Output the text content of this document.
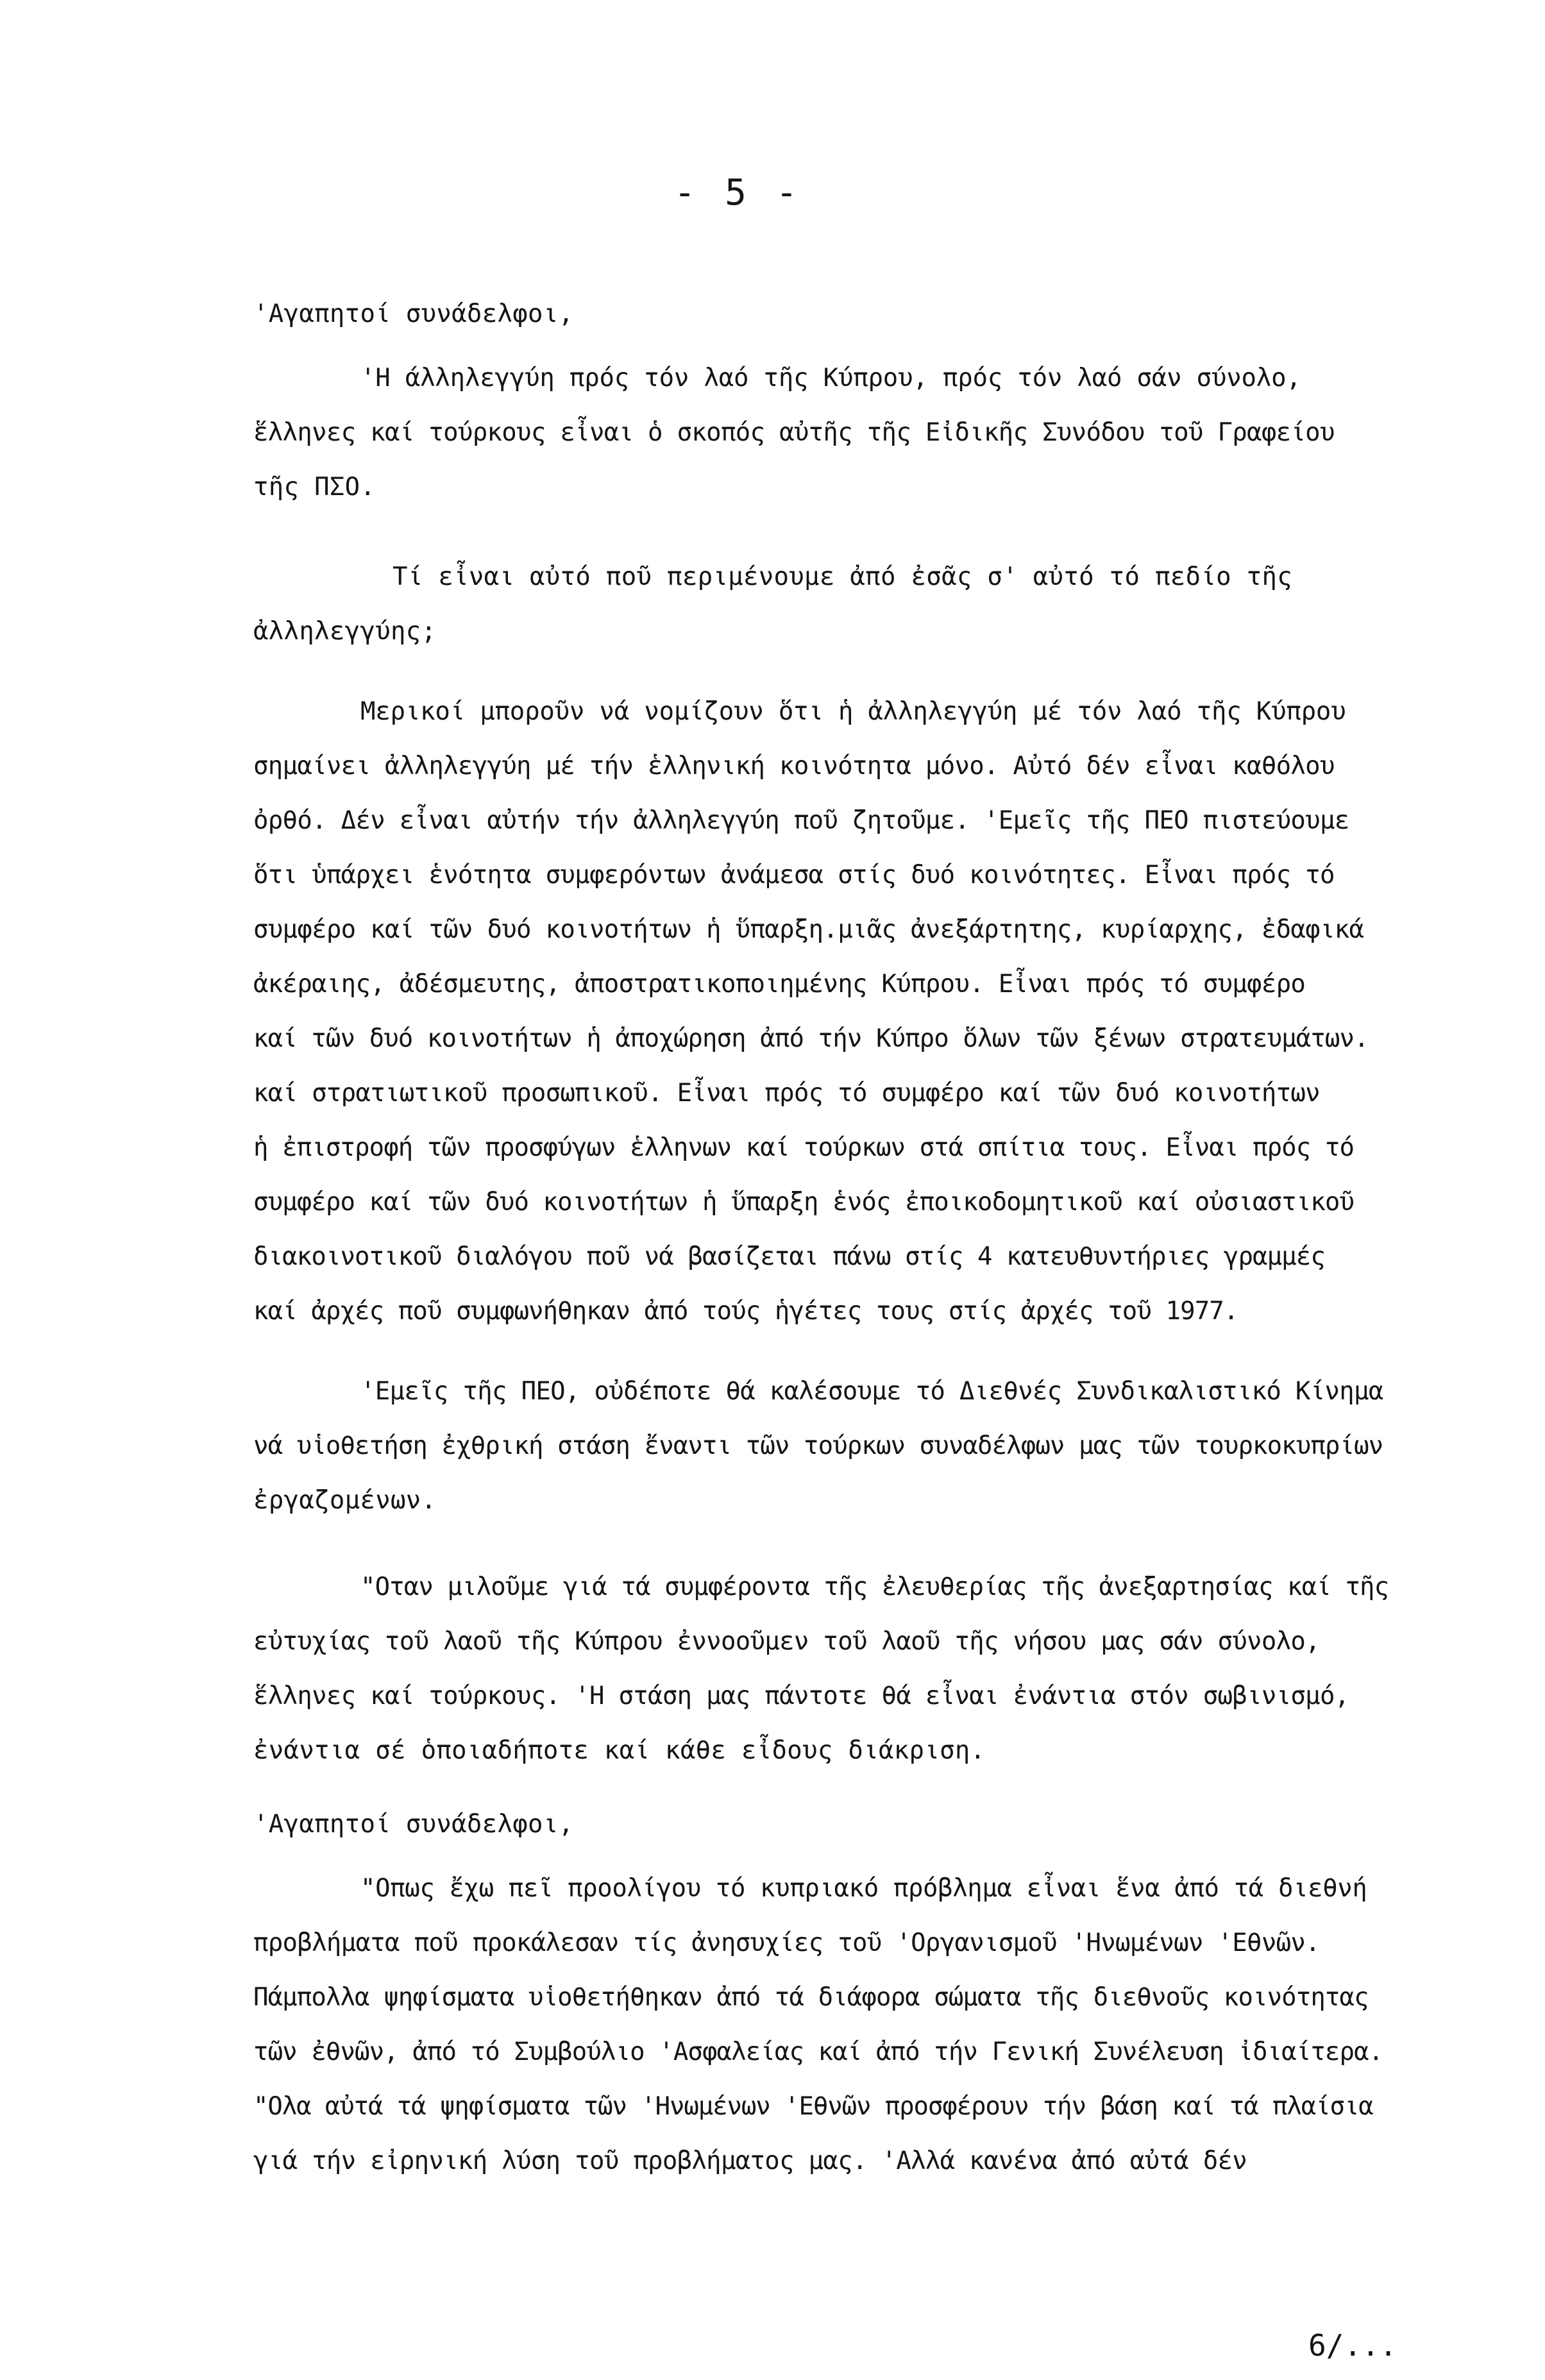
- 5 -
'Αγαπητοί συνάδελφοι,
'Η άλληλεγγύη πρός τόν λαό τῆς Κύπρου, πρός τόν λαό σάν σύνολο,
ἕλληνες καί τούρκους εἶναι ὁ σκοπός αὐτῆς τῆς Εἰδικῆς Συνόδου τοῦ Γραφείου
τῆς ΠΣΟ.
Τί εἶναι αὐτό ποῦ περιμένουμε ἀπό ἐσᾶς σ' αὐτό τό πεδίο τῆς
ἀλληλεγγύης;
Μερικοί μποροῦν νά νομίζουν ὅτι ἡ ἀλληλεγγύη μέ τόν λαό τῆς Κύπρου
σημαίνει ἀλληλεγγύη μέ τήν ἑλληνική κοινότητα μόνο. Αὐτό δέν εἶναι καθόλου
ὀρθό. Δέν εἶναι αὐτήν τήν ἀλληλεγγύη ποῦ ζητοῦμε. 'Εμεῖς τῆς ΠΕΟ πιστεύουμε
ὅτι ὑπάρχει ἑνότητα συμφερόντων ἀνάμεσα στίς δυό κοινότητες. Εἶναι πρός τό
συμφέρο καί τῶν δυό κοινοτήτων ἡ ὕπαρξη.μιᾶς ἀνεξάρτητης, κυρίαρχης, ἐδαφικά
ἀκέραιης, ἀδέσμευτης, ἀποστρατικοποιημένης Κύπρου. Εἶναι πρός τό συμφέρο
καί τῶν δυό κοινοτήτων ἡ ἀποχώρηση ἀπό τήν Κύπρο ὅλων τῶν ξένων στρατευμάτων.
καί στρατιωτικοῦ προσωπικοῦ. Εἶναι πρός τό συμφέρο καί τῶν δυό κοινοτήτων
ἡ ἐπιστροφή τῶν προσφύγων ἑλληνων καί τούρκων στά σπίτια τους. Εἶναι πρός τό
συμφέρο καί τῶν δυό κοινοτήτων ἡ ὕπαρξη ἑνός ἐποικοδομητικοῦ καί οὐσιαστικοῦ
διακοινοτικοῦ διαλόγου ποῦ νά βασίζεται πάνω στίς 4 κατευθυντήριες γραμμές
καί ἀρχές ποῦ συμφωνήθηκαν ἀπό τούς ἡγέτες τους στίς ἀρχές τοῦ 1977.
'Εμεῖς τῆς ΠΕΟ, οὐδέποτε θά καλέσουμε τό Διεθνές Συνδικαλιστικό Κίνημα
νά υἱοθετήση ἐχθρική στάση ἔναντι τῶν τούρκων συναδέλφων μας τῶν τουρκοκυπρίων
ἐργαζομένων.
"Οταν μιλοῦμε γιά τά συμφέροντα τῆς ἐλευθερίας τῆς ἀνεξαρτησίας καί τῆς
εὐτυχίας τοῦ λαοῦ τῆς Κύπρου ἐννοοῦμεν τοῦ λαοῦ τῆς νήσου μας σάν σύνολο,
ἕλληνες καί τούρκους. 'Η στάση μας πάντοτε θά εἶναι ἐνάντια στόν σωβινισμό,
ἐνάντια σέ ὁποιαδήποτε καί κάθε εἶδους διάκριση.
'Αγαπητοί συνάδελφοι,
"Οπως ἔχω πεῖ προολίγου τό κυπριακό πρόβλημα εἶναι ἕνα ἀπό τά διεθνή
προβλήματα ποῦ προκάλεσαν τίς ἀνησυχίες τοῦ 'Οργανισμοῦ 'Ηνωμένων 'Εθνῶν.
Πάμπολλα ψηφίσματα υἱοθετήθηκαν ἀπό τά διάφορα σώματα τῆς διεθνοῦς κοινότητας
τῶν ἐθνῶν, ἀπό τό Συμβούλιο 'Ασφαλείας καί ἀπό τήν Γενική Συνέλευση ἰδιαίτερα.
"Ολα αὐτά τά ψηφίσματα τῶν 'Ηνωμένων 'Εθνῶν προσφέρουν τήν βάση καί τά πλαίσια
γιά τήν εἰρηνική λύση τοῦ προβλήματος μας. 'Αλλά κανένα ἀπό αὐτά δέν
6/...
